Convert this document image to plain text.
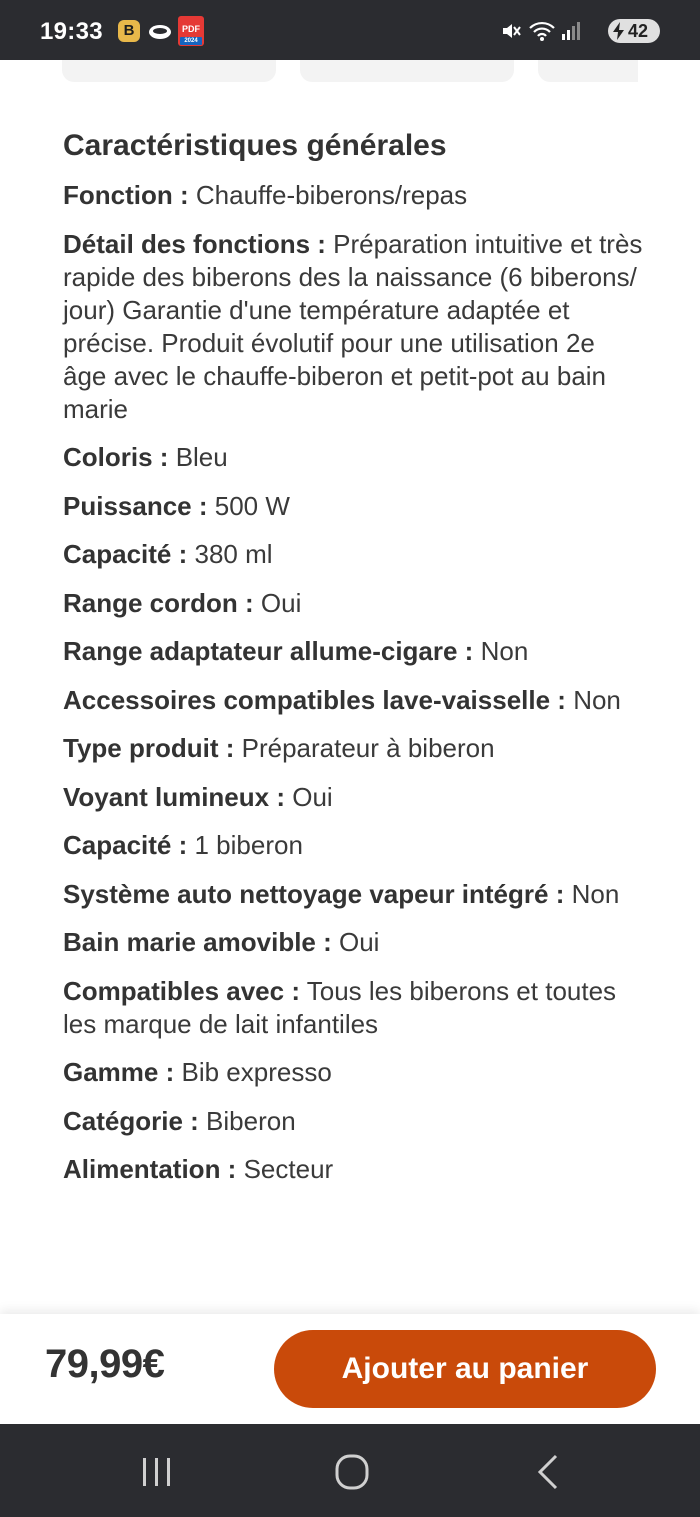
19:33	B	PDF
2024	42
Caractéristiques générales

Fonction : Chauffe-biberons/repas

Détail des fonctions : Préparation intuitive et très rapide des biberons des la naissance (6 biberons/ jour) Garantie d'une température adaptée et précise. Produit évolutif pour une utilisation 2e âge avec le chauffe-biberon et petit-pot au bain marie

Coloris : Bleu

Puissance : 500 W

Capacité : 380 ml

Range cordon : Oui

Range adaptateur allume-cigare : Non

Accessoires compatibles lave-vaisselle : Non

Type produit : Préparateur à biberon

Voyant lumineux : Oui

Capacité : 1 biberon

Système auto nettoyage vapeur intégré : Non

Bain marie amovible : Oui

Compatibles avec : Tous les biberons et toutes les marque de lait infantiles

Gamme : Bib expresso

Catégorie : Biberon

Alimentation : Secteur

79,99€	Ajouter au panier
